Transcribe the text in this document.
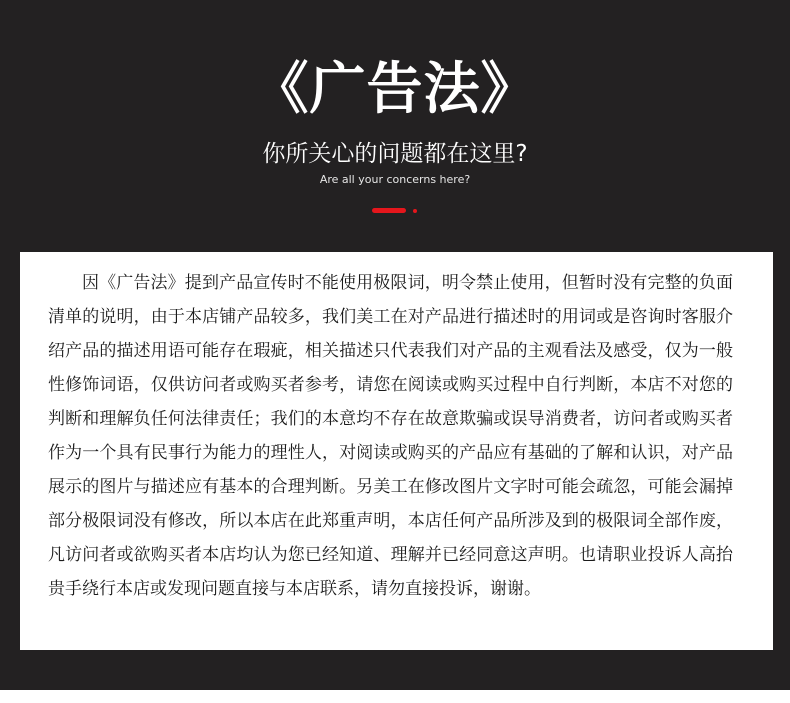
《广告法》
你所关心的问题都在这里?
Are all your concerns here?

因《广告法》提到产品宣传时不能使用极限词，明令禁止使用，但暂时没有完整的负面清单的说明，由于本店铺产品较多，我们美工在对产品进行描述时的用词或是咨询时客服介绍产品的描述用语可能存在瑕疵，相关描述只代表我们对产品的主观看法及感受，仅为一般性修饰词语，仅供访问者或购买者参考，请您在阅读或购买过程中自行判断，本店不对您的判断和理解负任何法律责任；我们的本意均不存在故意欺骗或误导消费者，访问者或购买者作为一个具有民事行为能力的理性人，对阅读或购买的产品应有基础的了解和认识，对产品展示的图片与描述应有基本的合理判断。另美工在修改图片文字时可能会疏忽，可能会漏掉部分极限词没有修改，所以本店在此郑重声明，本店任何产品所涉及到的极限词全部作废，凡访问者或欲购买者本店均认为您已经知道、理解并已经同意这声明。也请职业投诉人高抬贵手绕行本店或发现问题直接与本店联系，请勿直接投诉，谢谢。
